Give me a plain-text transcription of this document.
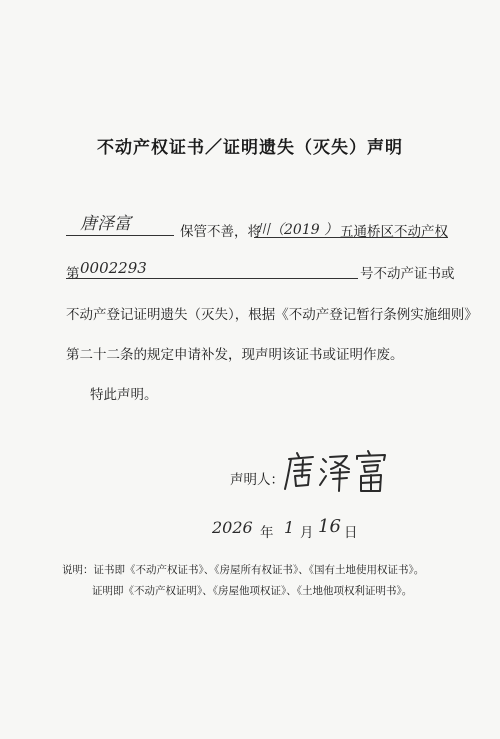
不动产权证书／证明遗失（灭失）声明
唐泽富	保管不善，将
川（2019 ） 五通桥区不动产权
第 0002293	号不动产证书或
不动产登记证明遗失（灭失），根据《不动产登记暂行条例实施细则》
第二十二条的规定申请补发，现声明该证书或证明作废。
特此声明。
声明人：
2026 年 1 月 16 日
说明：证书即《不动产权证书》、《房屋所有权证书》、《国有土地使用权证书》。
证明即《不动产权证明》、《房屋他项权证》、《土地他项权利证明书》。
